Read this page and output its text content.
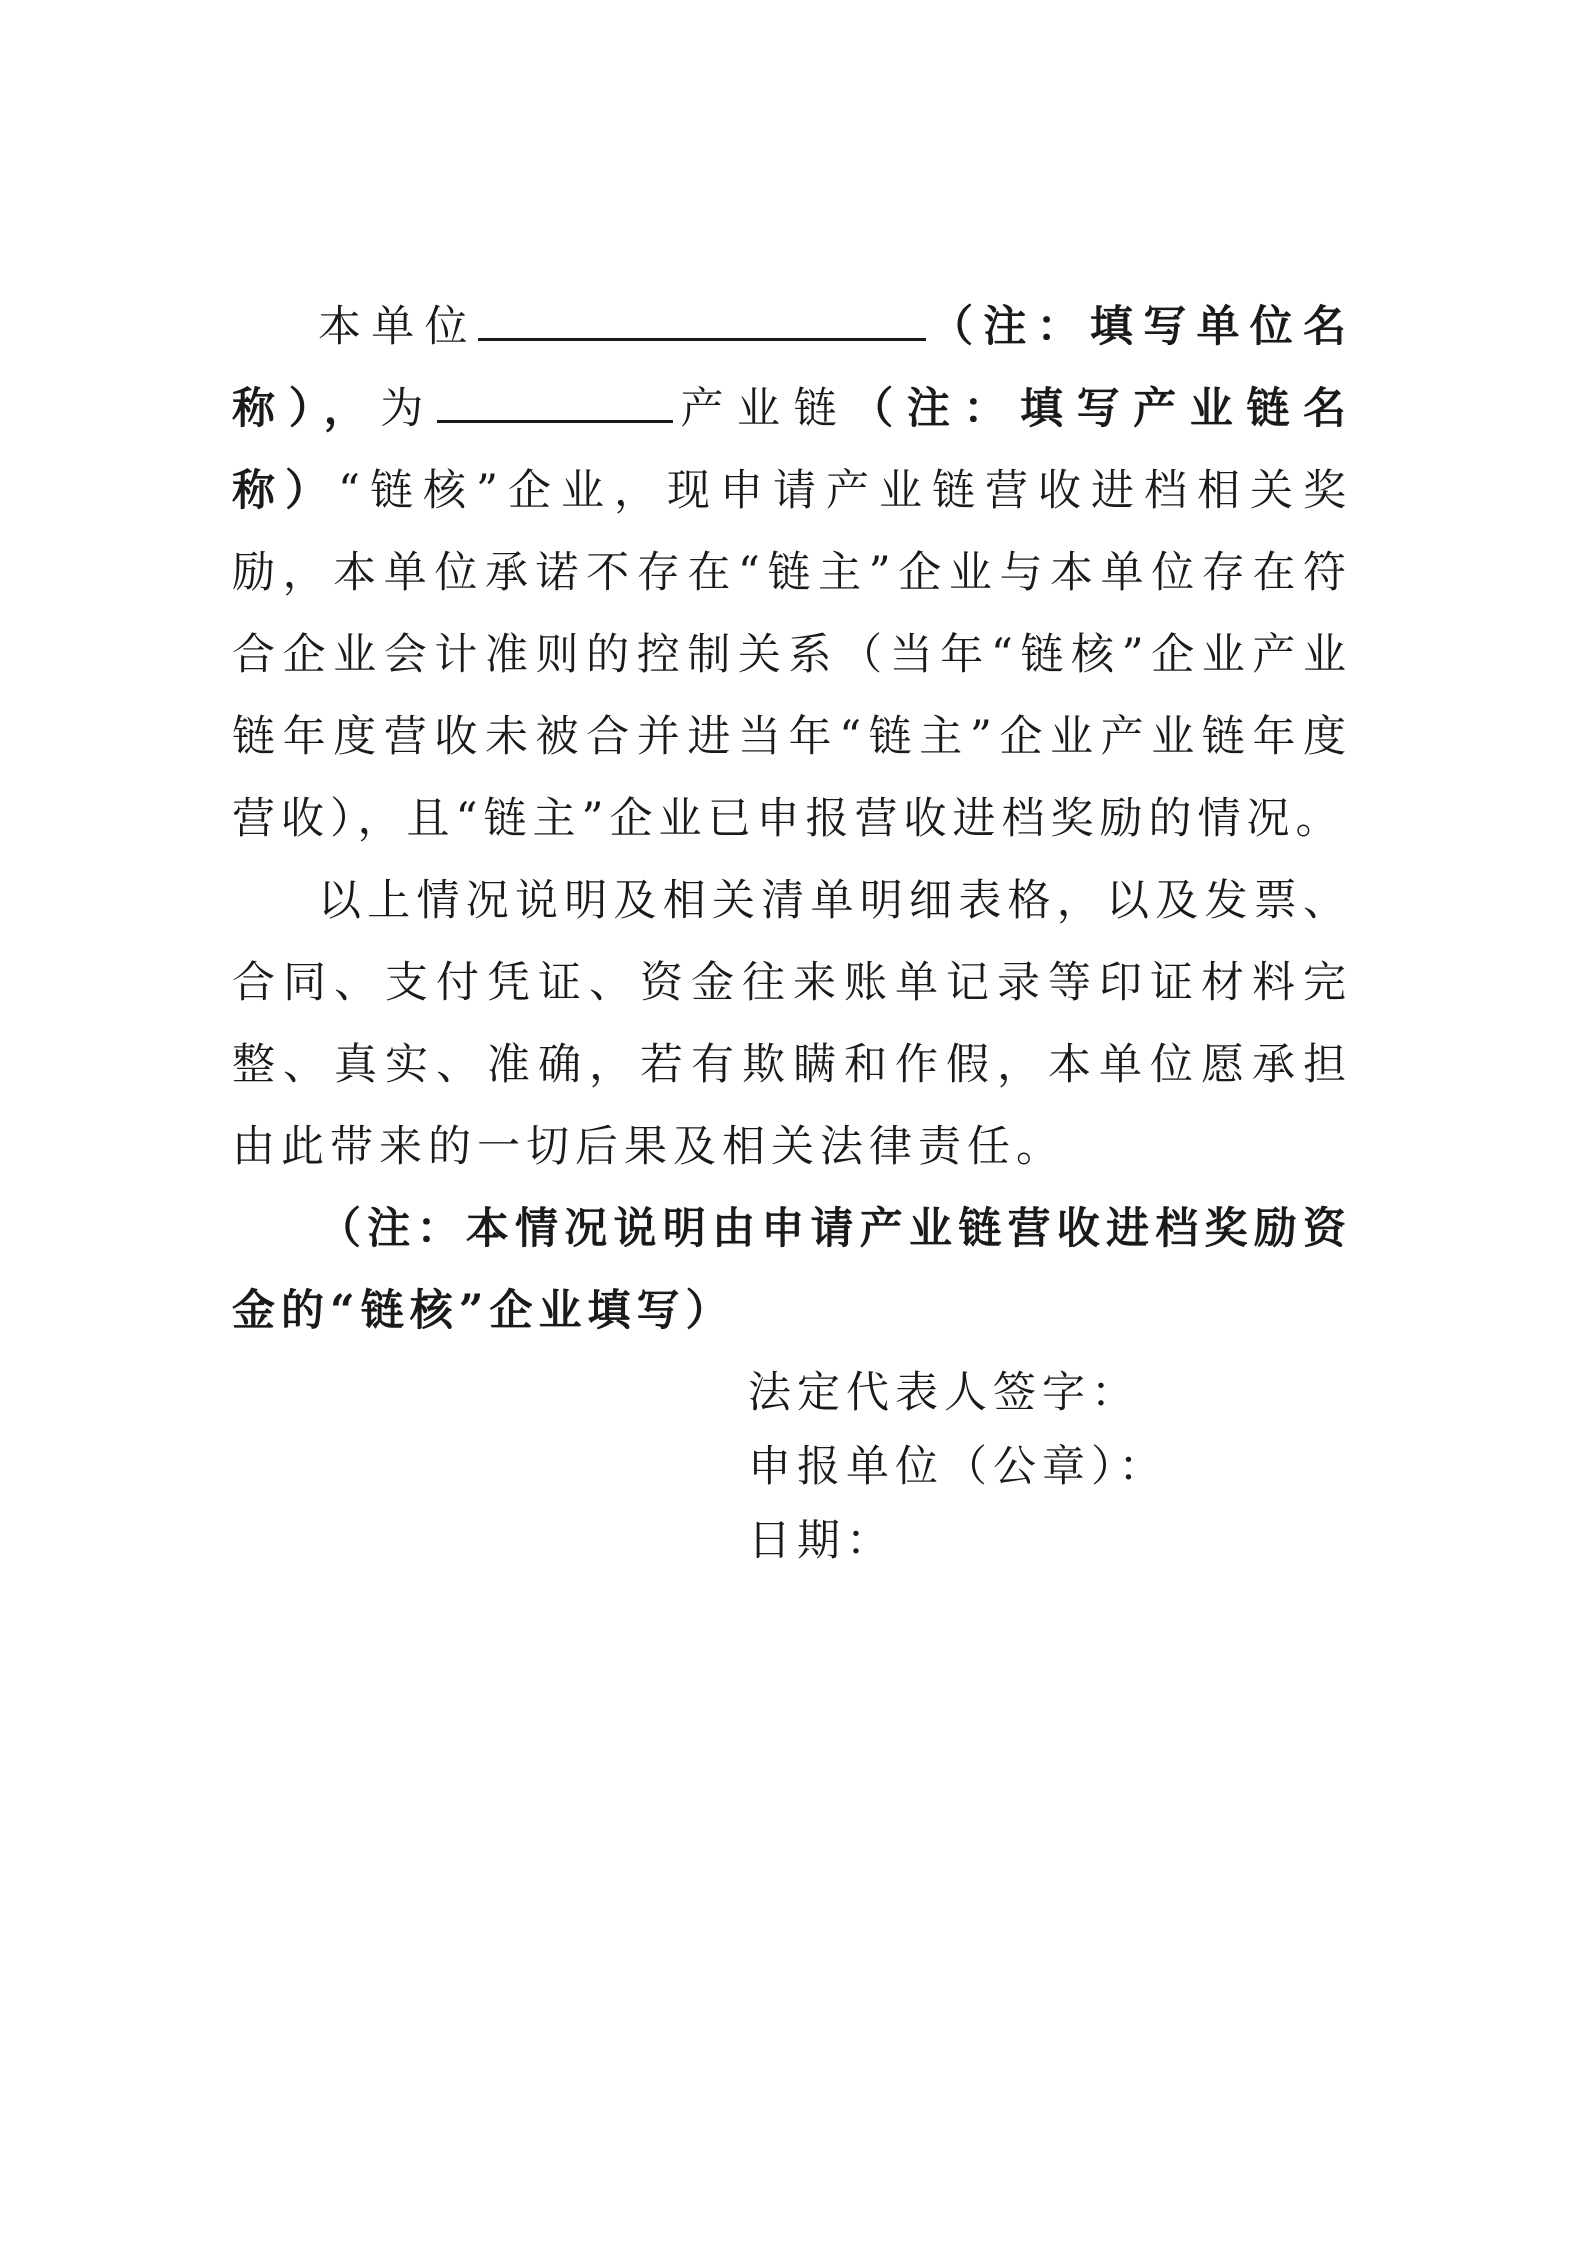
本单位	（注：填写单位名称），为	产业链（注：填写产业链名称）“链核”企业，现申请产业链营收进档相关奖励，本单位承诺不存在“链主”企业与本单位存在符合企业会计准则的控制关系（当年“链核”企业产业链年度营收未被合并进当年“链主”企业产业链年度营收），且“链主”企业已申报营收进档奖励的情况。

以上情况说明及相关清单明细表格，以及发票、合同、支付凭证、资金往来账单记录等印证材料完整、真实、准确，若有欺瞒和作假，本单位愿承担由此带来的一切后果及相关法律责任。

（注：本情况说明由申请产业链营收进档奖励资金的“链核”企业填写）

法定代表人签字：
申报单位（公章）：
日期：
